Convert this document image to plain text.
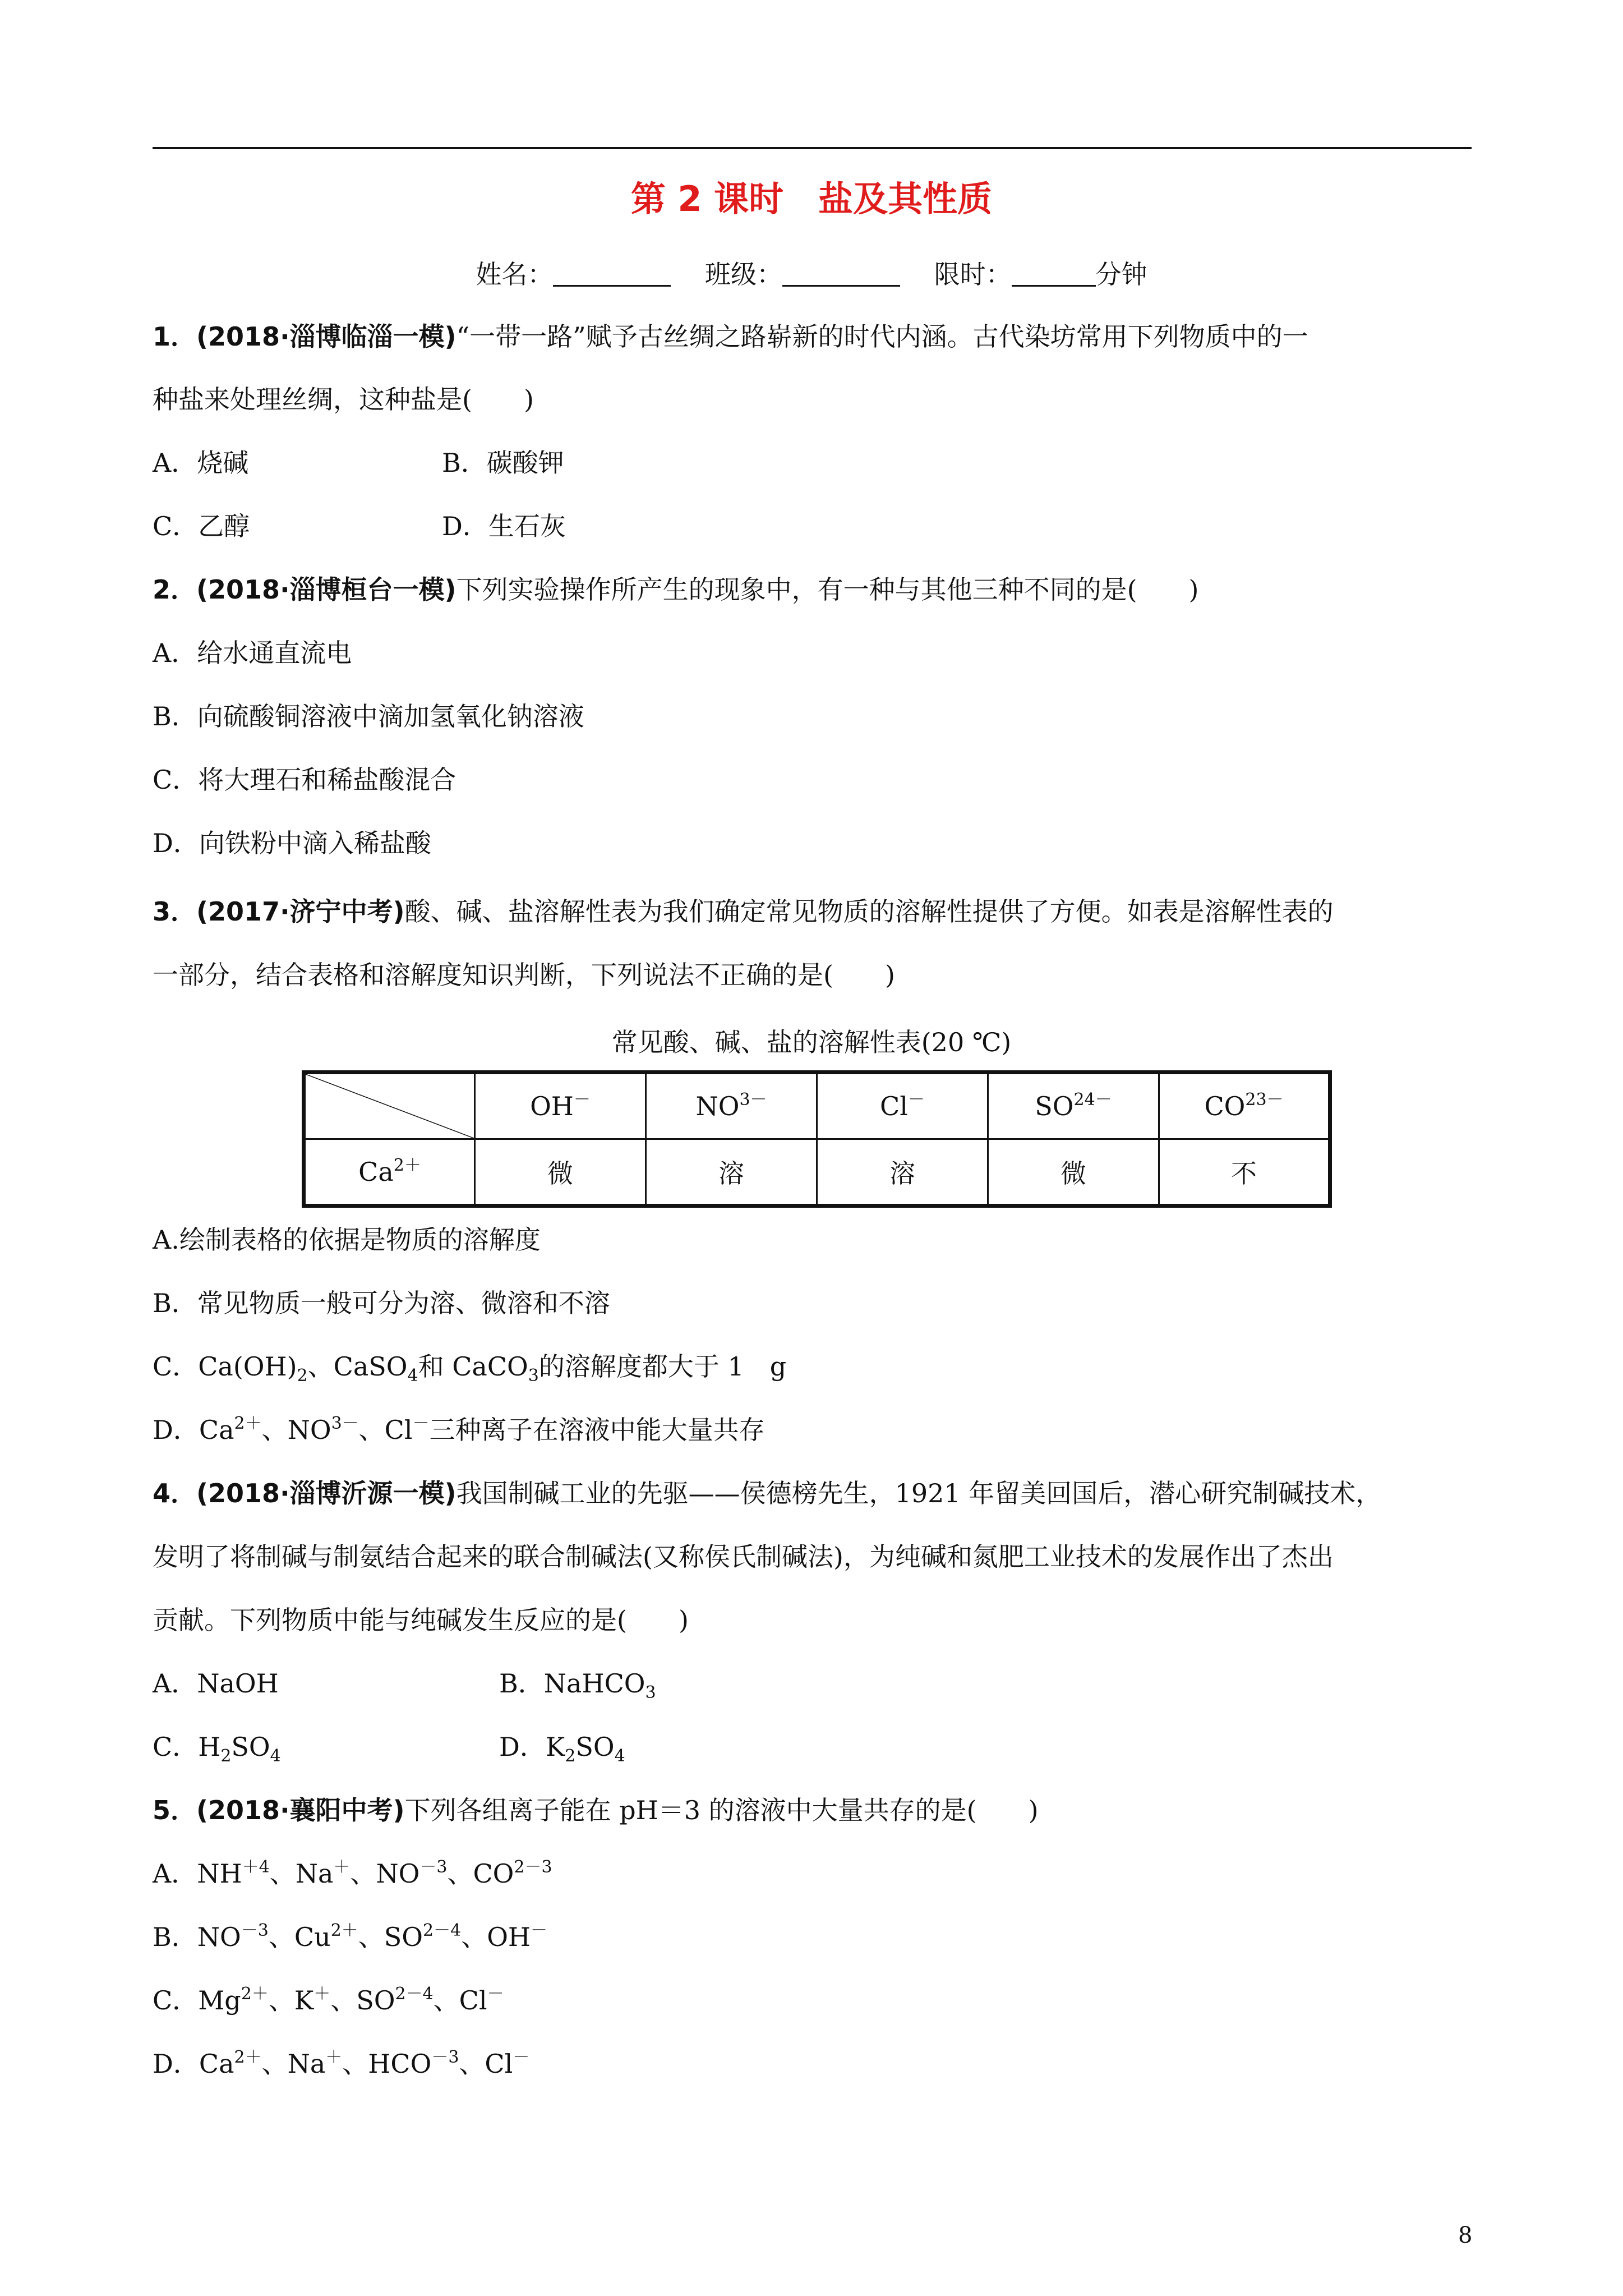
第 2 课时　盐及其性质
姓名：　	班级：　	限时：	分钟
1．(2018·淄博临淄一模)“一带一路”赋予古丝绸之路崭新的时代内涵。古代染坊常用下列物质中的一
种盐来处理丝绸，这种盐是(　　)
A．烧碱	B．碳酸钾
C．乙醇	D．生石灰
2．(2018·淄博桓台一模)下列实验操作所产生的现象中，有一种与其他三种不同的是(　　)
A．给水通直流电
B．向硫酸铜溶液中滴加氢氧化钠溶液
C．将大理石和稀盐酸混合
D．向铁粉中滴入稀盐酸
3．(2017·济宁中考)酸、碱、盐溶解性表为我们确定常见物质的溶解性提供了方便。如表是溶解性表的
一部分，结合表格和溶解度知识判断，下列说法不正确的是(　　)
常见酸、碱、盐的溶解性表(20 ℃)
	OH－	$NO^{3-}$	Cl－	$SO^{24-}$	$CO^{23-}$
$Ca^{2+}$	微	溶	溶	微	不
A.绘制表格的依据是物质的溶解度
B．常见物质一般可分为溶、微溶和不溶
C．$Ca(OH)_2$、CaSO$_4$和 CaCO$_3$的溶解度都大于 1　g
D．$Ca^{2+}$、$NO^{3-}$、Cl－三种离子在溶液中能大量共存
4．(2018·淄博沂源一模)我国制碱工业的先驱——侯德榜先生，1921 年留美回国后，潜心研究制碱技术，
发明了将制碱与制氨结合起来的联合制碱法(又称侯氏制碱法)，为纯碱和氮肥工业技术的发展作出了杰出
贡献。下列物质中能与纯碱发生反应的是(　　)
A．NaOH	B．NaHCO$_3$
C．$H_2SO_4$	D．$K_2SO_4$
5．(2018·襄阳中考)下列各组离子能在 pH＝3 的溶液中大量共存的是(　　)
A．$NH^{+4}$、Na＋、$NO^{-3}$、$CO^{2-3}$
B．$NO^{-3}$、$Cu^{2+}$、$SO^{2-4}$、OH－
C．$Mg^{2+}$、K＋、$SO^{2-4}$、Cl－
D．$Ca^{2+}$、Na＋、$HCO^{-3}$、Cl－
8
